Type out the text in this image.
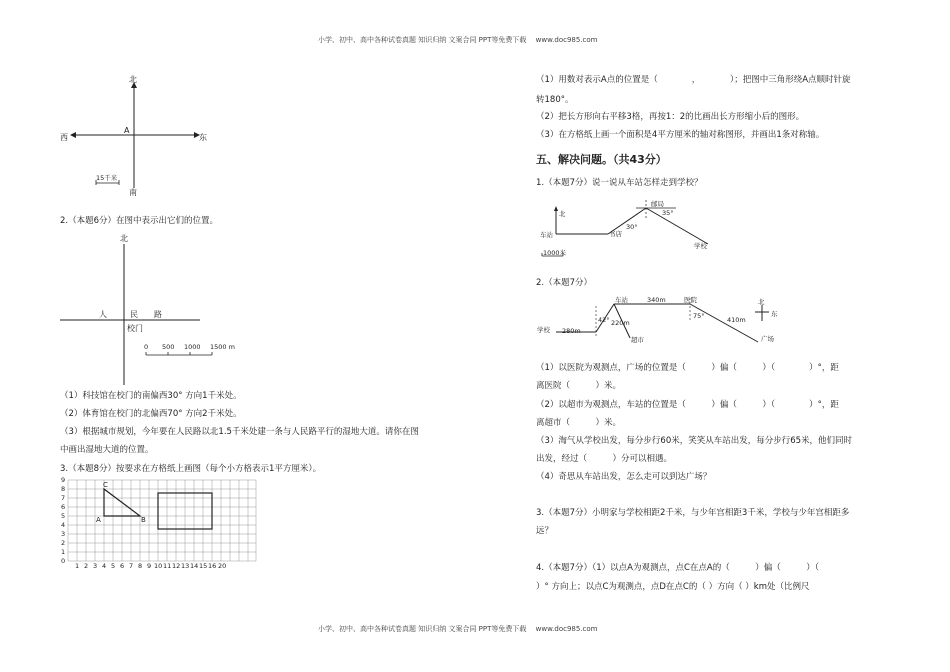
小学、初中、高中各种试卷真题 知识归纳 文案合同 PPT等免费下载　 www.doc985.com
小学、初中、高中各种试卷真题 知识归纳 文案合同 PPT等免费下载　 www.doc985.com
北
南
西	东
A
15千米
2.（本题6分）在图中表示出它们的位置。
北
人	民 路
校门
0 500 1000 1500 m
（1）科技馆在校门的南偏西30° 方向1千米处。
（2）体育馆在校门的北偏西70° 方向2千米处。
（3）根据城市规划，今年要在人民路以北1.5千米处建一条与人民路平行的湿地大道。请你在图
中画出湿地大道的位置。
3.（本题8分）按要求在方格纸上画图（每个小方格表示1平方厘米）。
9
8
7
6
5
4
3
2
1
0
1 2 3 4 5 6 7 8 9 10 11 12 13 14 15 16 20
C
A	B
（1）用数对表示A点的位置是（　　　　，　　　　）；把图中三角形绕A点顺时针旋
转180°。
（2）把长方形向右平移3格，再按1：2的比画出长方形缩小后的图形。
（3）在方格纸上画一个面积是4平方厘米的轴对称图形，并画出1条对称轴。
五、解决问题。（共43分）
1.（本题7分）说一说从车站怎样走到学校？
北
车站	书店
邮局
学校
30°
35°
1000米
2.（本题7分）
学校
车站	医院
超市	广场
280m
220m
340m
410m
42°	75°
北
东
（1）以医院为观测点，广场的位置是（　　　）偏（　　　）（　　　　）°，距
离医院（　　　）米。
（2）以超市为观测点，车站的位置是（　　　）偏（　　　）（　　　　）°，距
离超市（　　　）米。
（3）淘气从学校出发，每分步行60米，笑笑从车站出发，每分步行65米，他们同时
出发，经过（　　　）分可以相遇。
（4）奇思从车站出发，怎么走可以到达广场？
3.（本题7分）小明家与学校相距2千米，与少年宫相距3千米，学校与少年宫相距多
远？
4.（本题7分）（1）以点A为观测点，点C在点A的（　　　）偏（　　　）（
）° 方向上；以点C为观测点，点D在点C的（ ）方向（ ）km处（比例尺
